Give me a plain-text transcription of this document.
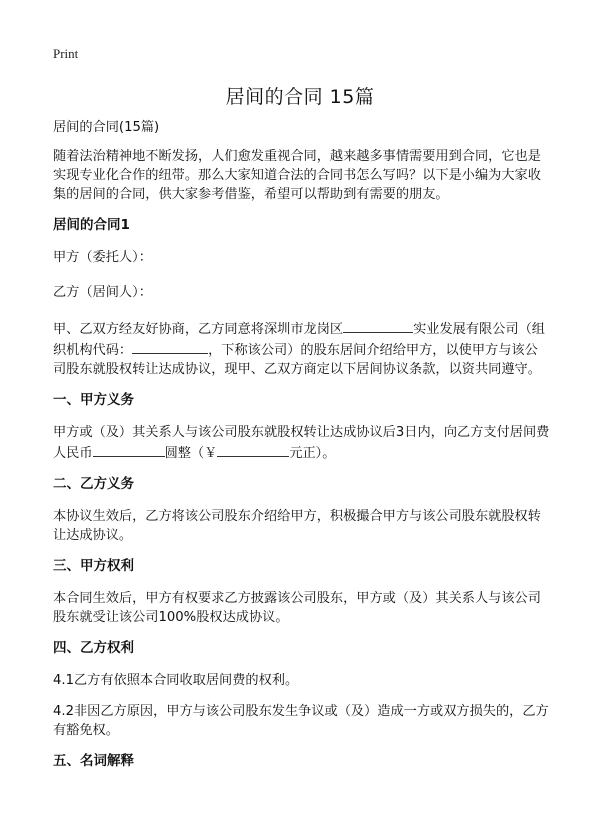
Print
居间的合同 15篇

居间的合同(15篇)

随着法治精神地不断发扬，人们愈发重视合同，越来越多事情需要用到合同，它也是实现专业化合作的纽带。那么大家知道合法的合同书怎么写吗？以下是小编为大家收集的居间的合同，供大家参考借鉴，希望可以帮助到有需要的朋友。

居间的合同1

甲方（委托人）：

乙方（居间人）：

甲、乙双方经友好协商，乙方同意将深圳市龙岗区	实业发展有限公司（组织机构代码：	，下称该公司）的股东居间介绍给甲方，以使甲方与该公司股东就股权转让达成协议，现甲、乙双方商定以下居间协议条款，以资共同遵守。

一、甲方义务

甲方或（及）其关系人与该公司股东就股权转让达成协议后3日内，向乙方支付居间费人民币	圆整（￥	元正）。

二、乙方义务

本协议生效后，乙方将该公司股东介绍给甲方，积极撮合甲方与该公司股东就股权转让达成协议。

三、甲方权利

本合同生效后，甲方有权要求乙方披露该公司股东，甲方或（及）其关系人与该公司股东就受让该公司100%股权达成协议。

四、乙方权利

4.1乙方有依照本合同收取居间费的权利。

4.2非因乙方原因，甲方与该公司股东发生争议或（及）造成一方或双方损失的，乙方有豁免权。

五、名词解释
